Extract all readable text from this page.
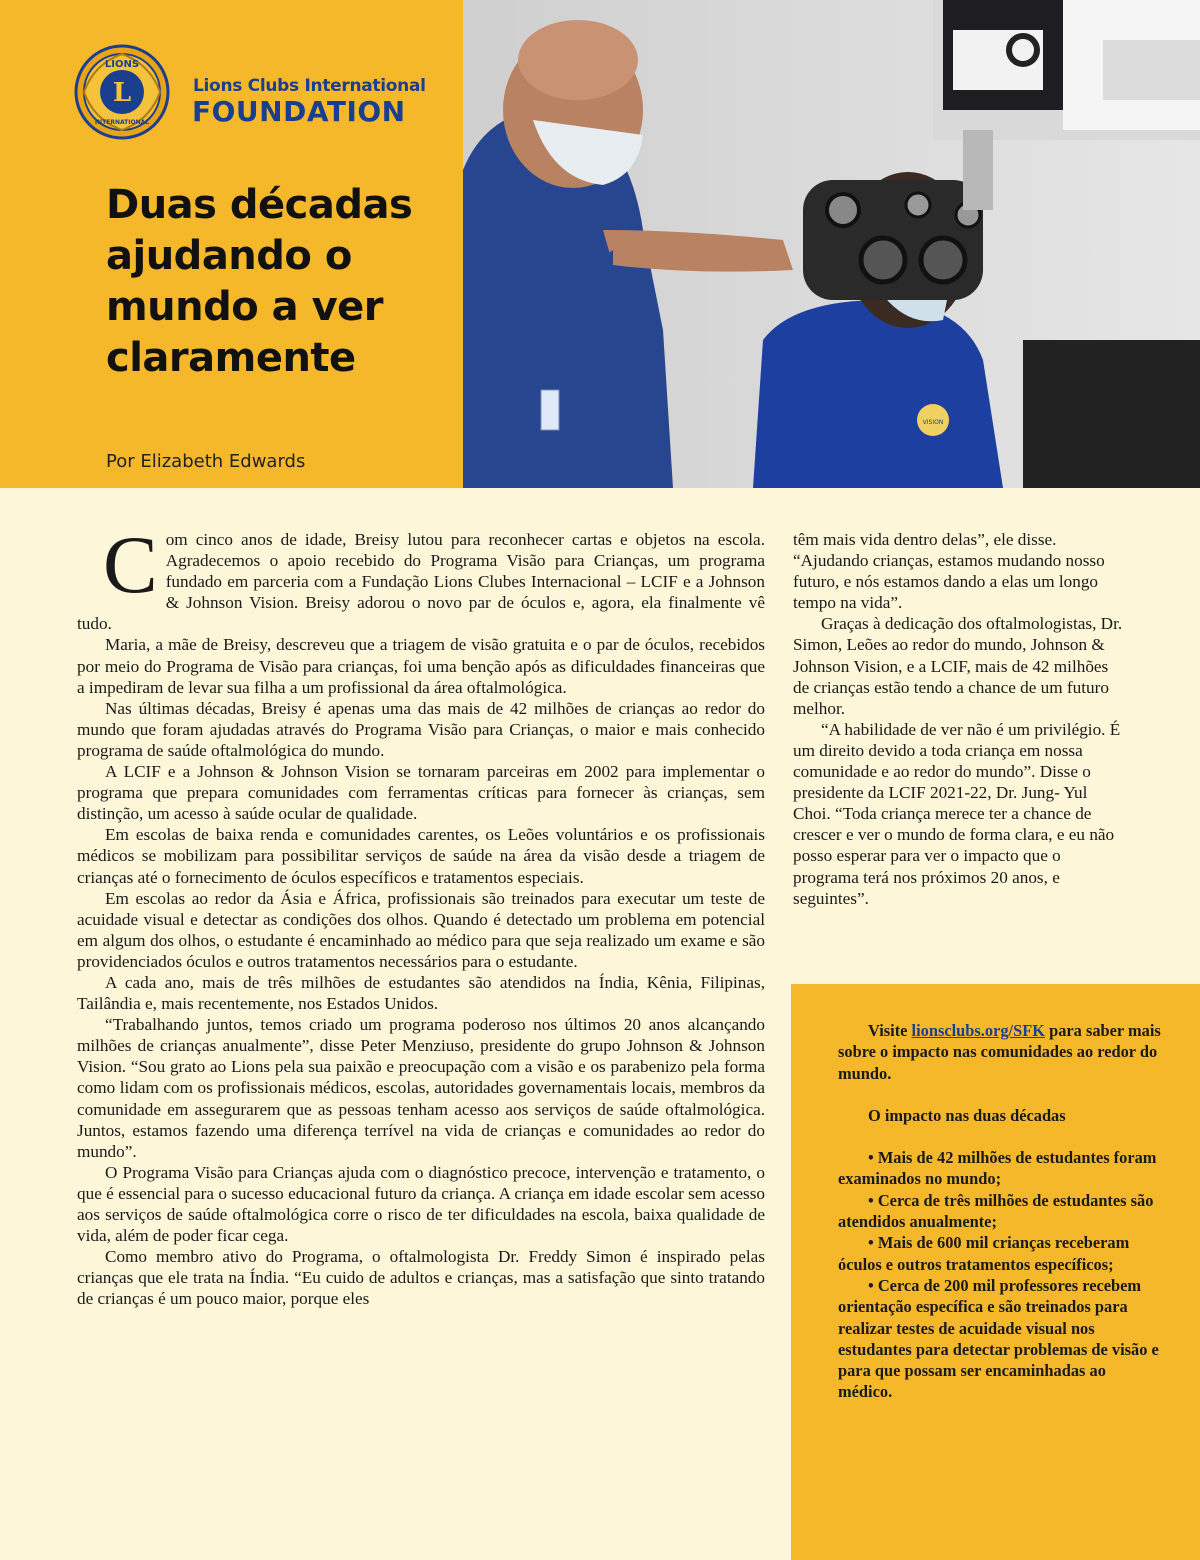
LIONS
INTERNATIONAL
L	Lions Clubs International
FOUNDATION
Duas décadas ajudando o mundo a ver claramente
Por Elizabeth Edwards
VISION

Com cinco anos de idade, Breisy lutou para reconhecer cartas e objetos na escola. Agradecemos o apoio recebido do Programa Visão para Crianças, um programa fundado em parceria com a Fundação Lions Clubes Internacional – LCIF e a Johnson & Johnson Vision. Breisy adorou o novo par de óculos e, agora, ela finalmente vê tudo.

Maria, a mãe de Breisy, descreveu que a triagem de visão gratuita e o par de óculos, recebidos por meio do Programa de Visão para crianças, foi uma benção após as dificuldades financeiras que a impediram de levar sua filha a um profissional da área oftalmológica.

Nas últimas décadas, Breisy é apenas uma das mais de 42 milhões de crianças ao redor do mundo que foram ajudadas através do Programa Visão para Crianças, o maior e mais conhecido programa de saúde oftalmológica do mundo.

A LCIF e a Johnson & Johnson Vision se tornaram parceiras em 2002 para implementar o programa que prepara comunidades com ferramentas críticas para fornecer às crianças, sem distinção, um acesso à saúde ocular de qualidade.

Em escolas de baixa renda e comunidades carentes, os Leões voluntários e os profissionais médicos se mobilizam para possibilitar serviços de saúde na área da visão desde a triagem de crianças até o fornecimento de óculos específicos e tratamentos especiais.

Em escolas ao redor da Ásia e África, profissionais são treinados para executar um teste de acuidade visual e detectar as condições dos olhos. Quando é detectado um problema em potencial em algum dos olhos, o estudante é encaminhado ao médico para que seja realizado um exame e são providenciados óculos e outros tratamentos necessários para o estudante.

A cada ano, mais de três milhões de estudantes são atendidos na Índia, Kênia, Filipinas, Tailândia e, mais recentemente, nos Estados Unidos.

“Trabalhando juntos, temos criado um programa poderoso nos últimos 20 anos alcançando milhões de crianças anualmente”, disse Peter Menziuso, presidente do grupo Johnson & Johnson Vision. “Sou grato ao Lions pela sua paixão e preocupação com a visão e os parabenizo pela forma como lidam com os profissionais médicos, escolas, autoridades governamentais locais, membros da comunidade em assegurarem que as pessoas tenham acesso aos serviços de saúde oftalmológica. Juntos, estamos fazendo uma diferença terrível na vida de crianças e comunidades ao redor do mundo”.

O Programa Visão para Crianças ajuda com o diagnóstico precoce, intervenção e tratamento, o que é essencial para o sucesso educacional futuro da criança. A criança em idade escolar sem acesso aos serviços de saúde oftalmológica corre o risco de ter dificuldades na escola, baixa qualidade de vida, além de poder ficar cega.

Como membro ativo do Programa, o oftalmologista Dr. Freddy Simon é inspirado pelas crianças que ele trata na Índia. “Eu cuido de adultos e crianças, mas a satisfação que sinto tratando de crianças é um pouco maior, porque eles

têm mais vida dentro delas”, ele disse. “Ajudando crianças, estamos mudando nosso futuro, e nós estamos dando a elas um longo tempo na vida”.

Graças à dedicação dos oftalmologistas, Dr. Simon, Leões ao redor do mundo, Johnson & Johnson Vision, e a LCIF, mais de 42 milhões de crianças estão tendo a chance de um futuro melhor.

“A habilidade de ver não é um privilégio. É um direito devido a toda criança em nossa comunidade e ao redor do mundo”. Disse o presidente da LCIF 2021-22, Dr. Jung- Yul Choi. “Toda criança merece ter a chance de crescer e ver o mundo de forma clara, e eu não posso esperar para ver o impacto que o programa terá nos próximos 20 anos, e seguintes”.

Visite lionsclubs.org/SFK para saber mais sobre o impacto nas comunidades ao redor do mundo.

O impacto nas duas décadas

• Mais de 42 milhões de estudantes foram examinados no mundo;

• Cerca de três milhões de estudantes são atendidos anualmente;

• Mais de 600 mil crianças receberam óculos e outros tratamentos específicos;

• Cerca de 200 mil professores recebem orientação específica e são treinados para realizar testes de acuidade visual nos estudantes para detectar problemas de visão e para que possam ser encaminhadas ao médico.
